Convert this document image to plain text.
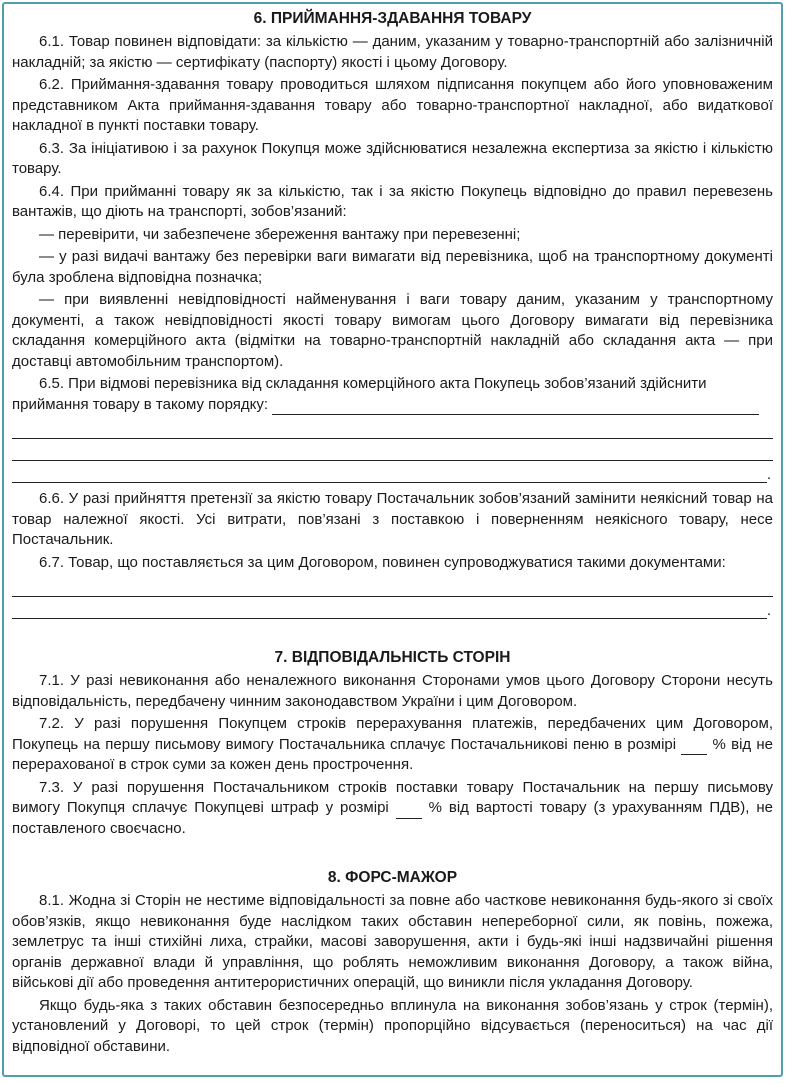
6. ПРИЙМАННЯ-ЗДАВАННЯ ТОВАРУ

6.1. Товар повинен відповідати: за кількістю — даним, указаним у товарно-транспортній або залізничній накладній; за якістю — сертифікату (паспорту) якості і цьому Договору.

6.2. Приймання-здавання товару проводиться шляхом підписання покупцем або його уповноваженим представником Акта приймання-здавання товару або товарно-транспортної накладної, або видаткової накладної в пункті поставки товару.

6.3. За ініціативою і за рахунок Покупця може здійснюватися незалежна експертиза за якістю і кількістю товару.

6.4. При прийманні товару як за кількістю, так і за якістю Покупець відповідно до правил перевезень вантажів, що діють на транспорті, зобов’язаний:

— перевірити, чи забезпечене збереження вантажу при перевезенні;

— у разі видачі вантажу без перевірки ваги вимагати від перевізника, щоб на транспортному документі була зроблена відповідна позначка;

— при виявленні невідповідності найменування і ваги товару даним, указаним у транспортному документі, а також невідповідності якості товару вимогам цього Договору вимагати від перевізника складання комерційного акта (відмітки на товарно-транспортній накладній або складання акта — при доставці автомобільним транспортом).

6.5. При відмові перевізника від складання комерційного акта Покупець зобов’язаний здійснити приймання товару в такому порядку:

.

6.6. У разі прийняття претензії за якістю товару Постачальник зобов’язаний замінити неякісний товар на товар належної якості. Усі витрати, пов’язані з поставкою і поверненням неякісного товару, несе Постачальник.

6.7. Товар, що поставляється за цим Договором, повинен супроводжуватися такими документами:

.
7. ВІДПОВІДАЛЬНІСТЬ СТОРІН

7.1. У разі невиконання або неналежного виконання Сторонами умов цього Договору Сторони несуть відповідальність, передбачену чинним законодавством України і цим Договором.

7.2. У разі порушення Покупцем строків перерахування платежів, передбачених цим Договором, Покупець на першу письмову вимогу Постачальника сплачує Постачальникові пеню в розмірі % від не перерахованої в строк суми за кожен день прострочення.

7.3. У разі порушення Постачальником строків поставки товару Постачальник на першу письмову вимогу Покупця сплачує Покупцеві штраф у розмірі	% від вартості товару (з урахуванням ПДВ), не поставленого своєчасно.

8. ФОРС-МАЖОР

8.1. Жодна зі Сторін не нестиме відповідальності за повне або часткове невиконання будь-якого зі своїх обов’язків, якщо невиконання буде наслідком таких обставин непереборної сили, як повінь, пожежа, землетрус та інші стихійні лиха, страйки, масові заворушення, акти і будь-які інші надзвичайні рішення органів державної влади й управління, що роблять неможливим виконання Договору, а також війна, військові дії або проведення антитерористичних операцій, що виникли після укладання Договору.

Якщо будь-яка з таких обставин безпосередньо вплинула на виконання зобов’язань у строк (термін), установлений у Договорі, то цей строк (термін) пропорційно відсувається (переноситься) на час дії відповідної обставини.
